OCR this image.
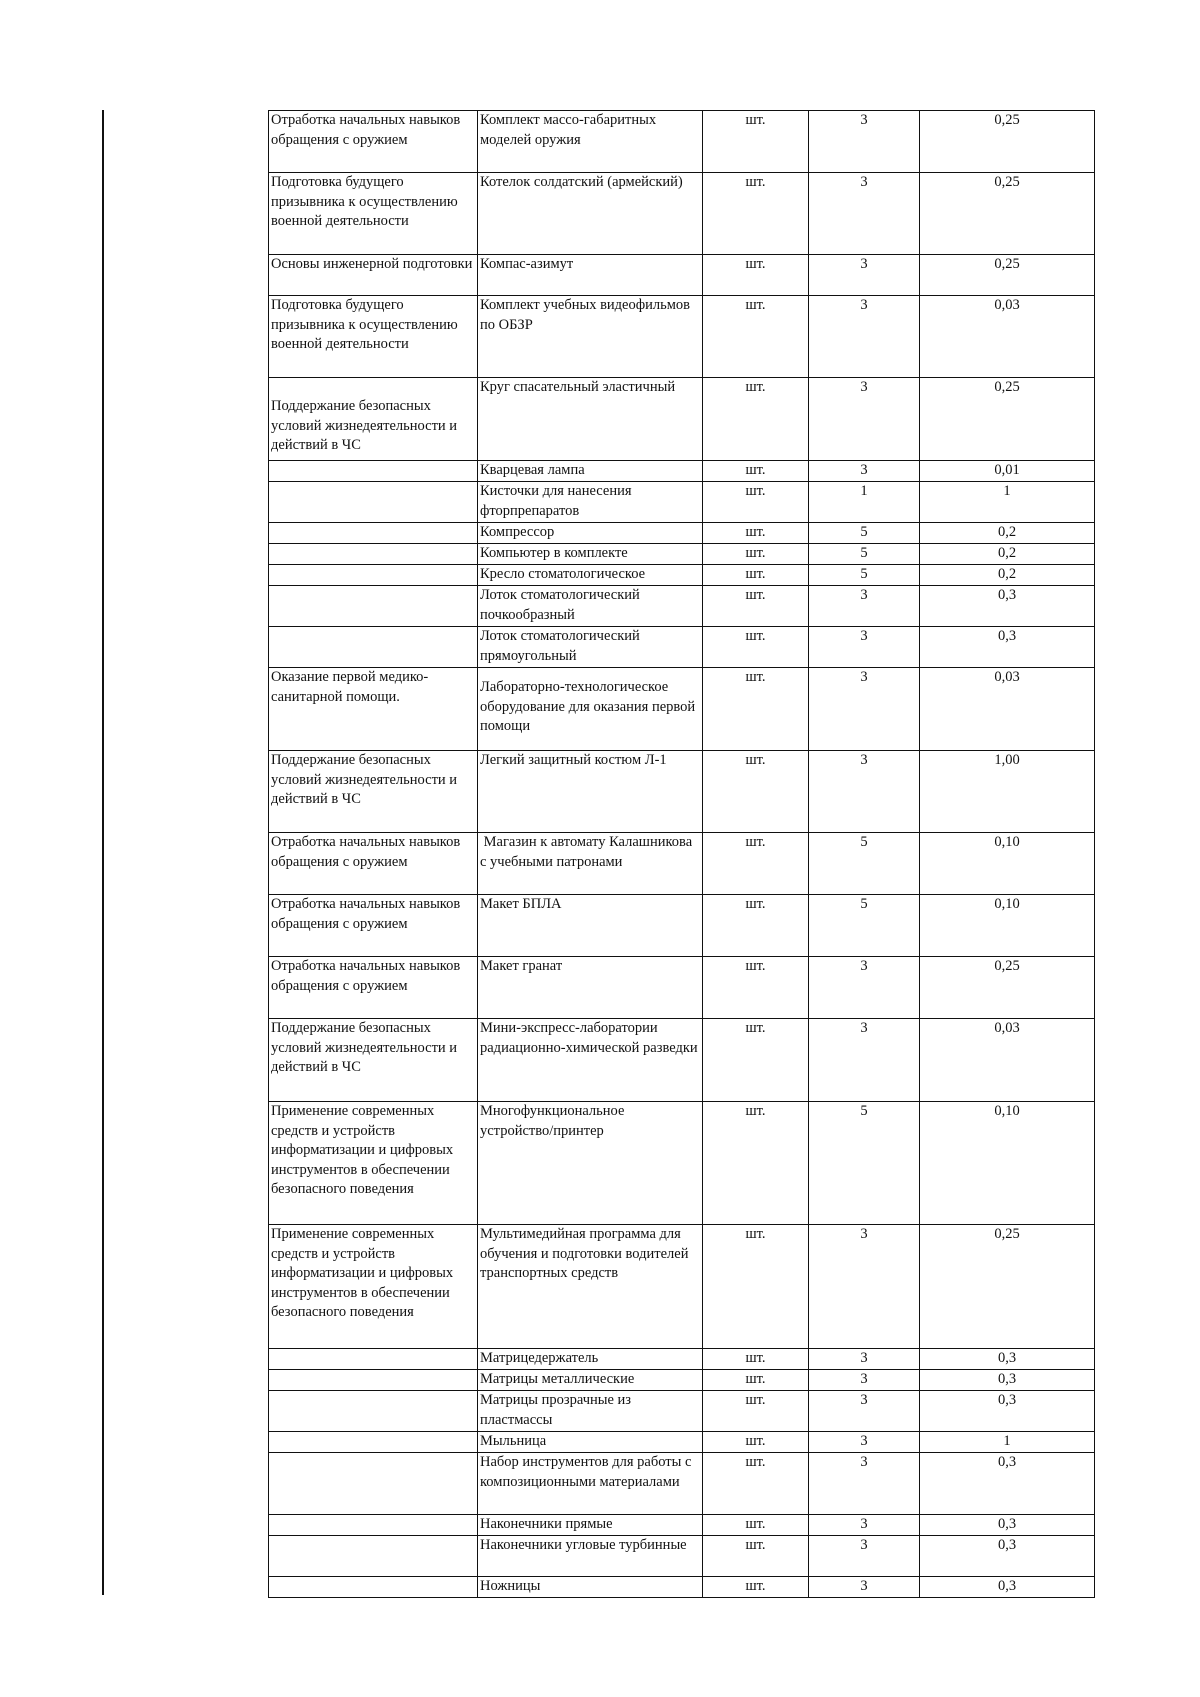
Отработка начальных навыков обращения с оружием	Комплект массо-габаритных моделей оружия	шт.	3	0,25
Подготовка будущего призывника к осуществлению военной деятельности	Котелок солдатский (армейский)	шт.	3	0,25
Основы инженерной подготовки	Компас-азимут	шт.	3	0,25
Подготовка будущего призывника к осуществлению военной деятельности	Комплект учебных видеофильмов по ОБЗР	шт.	3	0,03

Поддержание безопасных условий жизнедеятельности и действий в ЧС	Круг спасательный эластичный	шт.	3	0,25
	Кварцевая лампа	шт.	3	0,01
	Кисточки для нанесения фторпрепаратов	шт.	1	1
	Компрессор	шт.	5	0,2
	Компьютер в комплекте	шт.	5	0,2
	Кресло стоматологическое	шт.	5	0,2
	Лоток стоматологический почкообразный	шт.	3	0,3
	Лоток стоматологический прямоугольный	шт.	3	0,3
Оказание первой медико-санитарной помощи.	Лабораторно-технологическое оборудование для оказания первой помощи	шт.	3	0,03
Поддержание безопасных условий жизнедеятельности и действий в ЧС	Легкий защитный костюм Л-1	шт.	3	1,00
Отработка начальных навыков обращения с оружием	Магазин к автомату Калашникова с учебными патронами	шт.	5	0,10
Отработка начальных навыков обращения с оружием	Макет БПЛА	шт.	5	0,10
Отработка начальных навыков обращения с оружием	Макет гранат	шт.	3	0,25
Поддержание безопасных условий жизнедеятельности и действий в ЧС	Мини-экспресс-лаборатории радиационно-химической разведки	шт.	3	0,03
Применение современных средств и устройств информатизации и цифровых инструментов в обеспечении безопасного поведения	Многофункциональное устройство/принтер	шт.	5	0,10
Применение современных средств и устройств информатизации и цифровых инструментов в обеспечении безопасного поведения	Мультимедийная программа для обучения и подготовки водителей транспортных средств	шт.	3	0,25
	Матрицедержатель	шт.	3	0,3
	Матрицы металлические	шт.	3	0,3
	Матрицы прозрачные из пластмассы	шт.	3	0,3
	Мыльница	шт.	3	1
	Набор инструментов для работы с композиционными материалами	шт.	3	0,3
	Наконечники прямые	шт.	3	0,3
	Наконечники угловые турбинные	шт.	3	0,3
	Ножницы	шт.	3	0,3
